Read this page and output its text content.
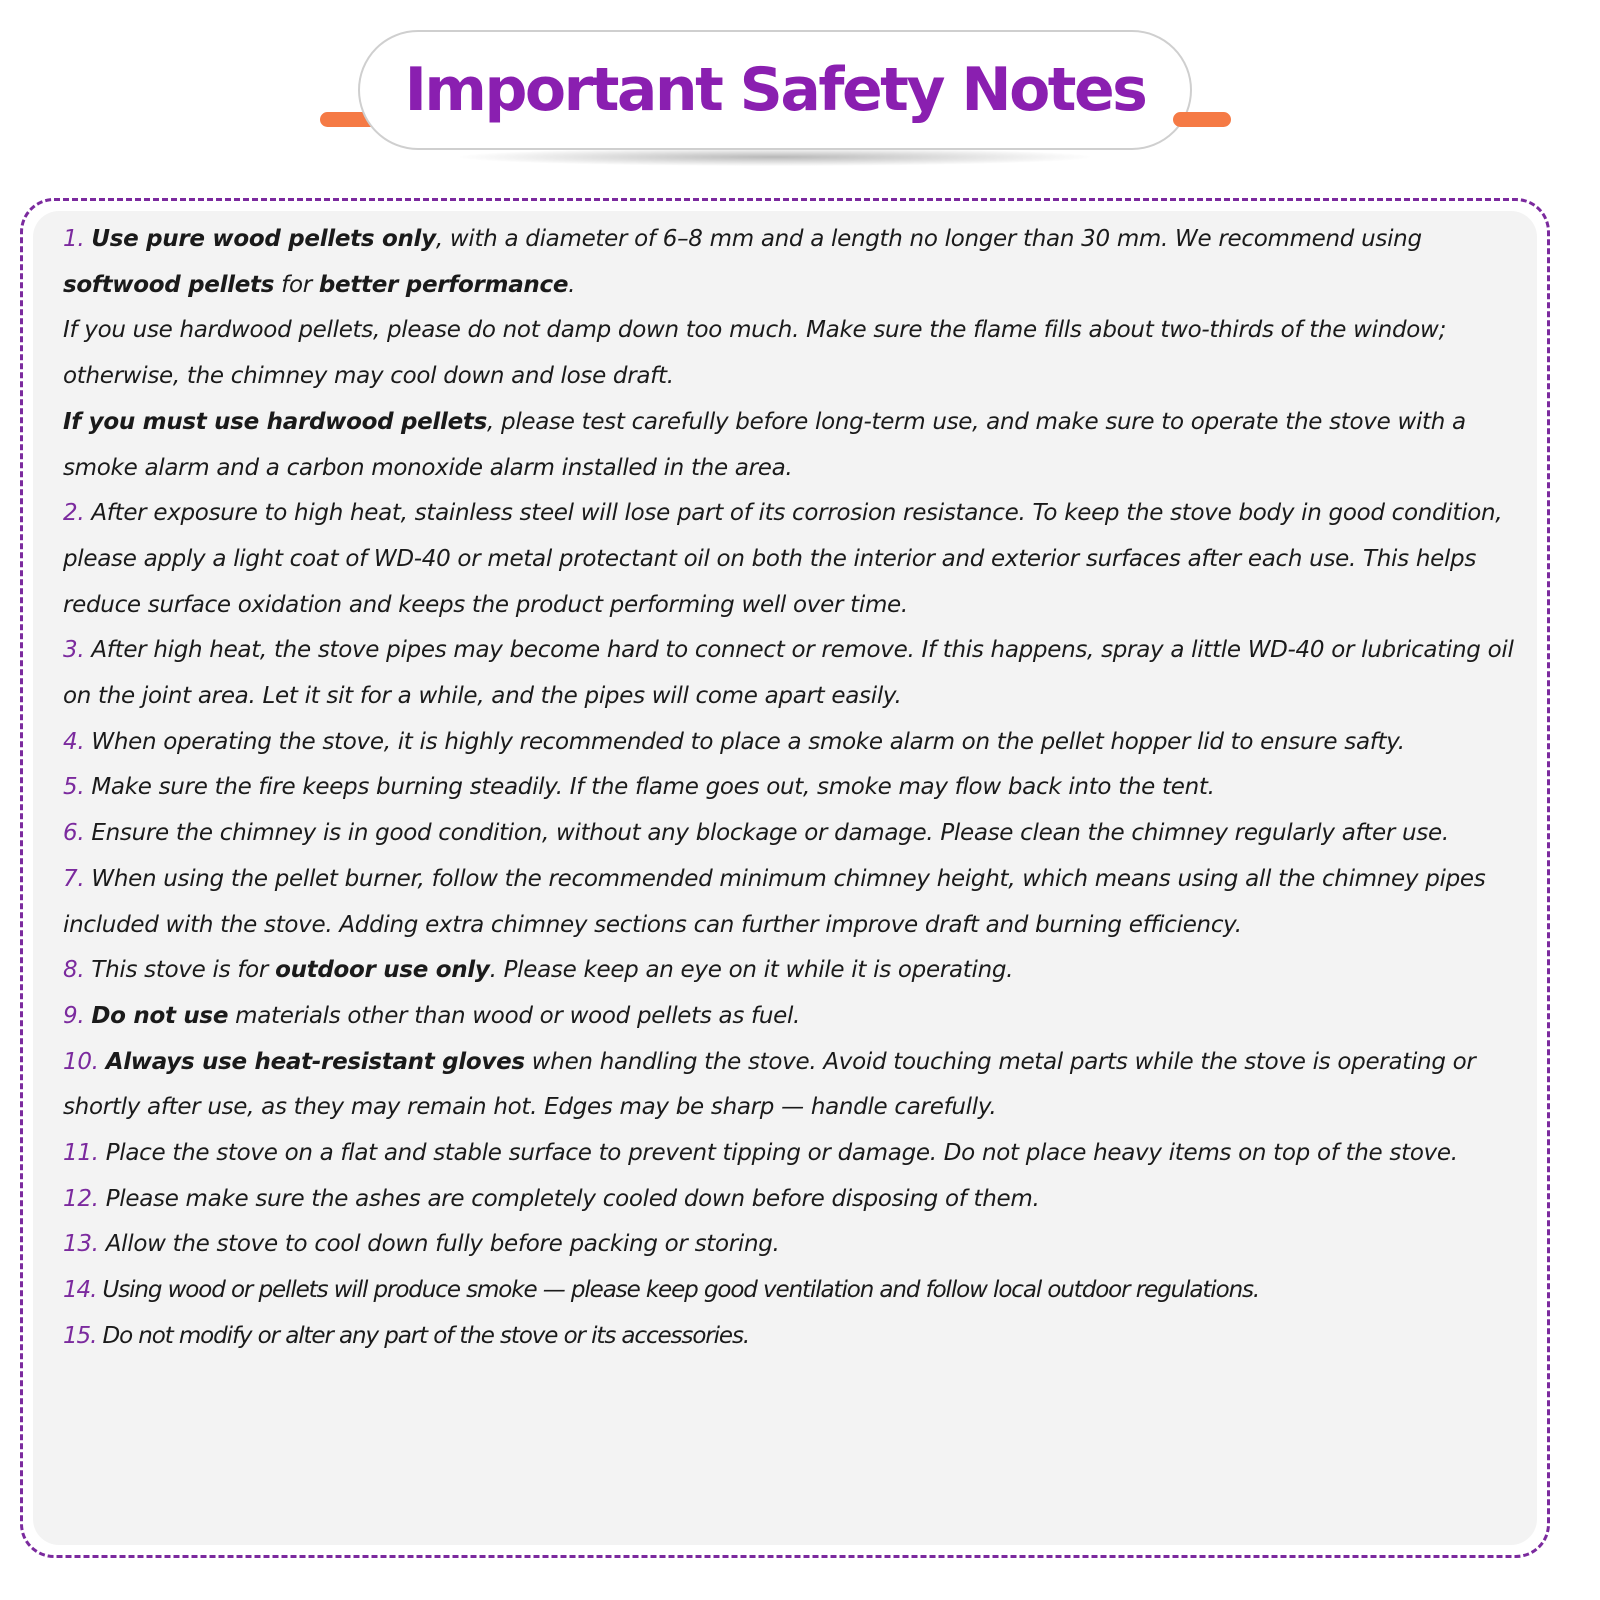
Important Safety Notes

1. Use pure wood pellets only, with a diameter of 6–8 mm and a length no longer than 30 mm. We recommend using softwood pellets for better performance.

If you use hardwood pellets, please do not damp down too much. Make sure the flame fills about two-thirds of the window; otherwise, the chimney may cool down and lose draft.

If you must use hardwood pellets, please test carefully before long-term use, and make sure to operate the stove with a smoke alarm and a carbon monoxide alarm installed in the area.

2. After exposure to high heat, stainless steel will lose part of its corrosion resistance. To keep the stove body in good condition, please apply a light coat of WD-40 or metal protectant oil on both the interior and exterior surfaces after each use. This helps reduce surface oxidation and keeps the product performing well over time.

3. After high heat, the stove pipes may become hard to connect or remove. If this happens, spray a little WD-40 or lubricating oil on the joint area. Let it sit for a while, and the pipes will come apart easily.

4. When operating the stove, it is highly recommended to place a smoke alarm on the pellet hopper lid to ensure safty.

5. Make sure the fire keeps burning steadily. If the flame goes out, smoke may flow back into the tent.

6. Ensure the chimney is in good condition, without any blockage or damage. Please clean the chimney regularly after use.

7. When using the pellet burner, follow the recommended minimum chimney height, which means using all the chimney pipes included with the stove. Adding extra chimney sections can further improve draft and burning efficiency.

8. This stove is for outdoor use only. Please keep an eye on it while it is operating.

9. Do not use materials other than wood or wood pellets as fuel.

10. Always use heat-resistant gloves when handling the stove. Avoid touching metal parts while the stove is operating or shortly after use, as they may remain hot. Edges may be sharp — handle carefully.

11. Place the stove on a flat and stable surface to prevent tipping or damage. Do not place heavy items on top of the stove.

12. Please make sure the ashes are completely cooled down before disposing of them.

13. Allow the stove to cool down fully before packing or storing.

14. Using wood or pellets will produce smoke — please keep good ventilation and follow local outdoor regulations.

15. Do not modify or alter any part of the stove or its accessories.
